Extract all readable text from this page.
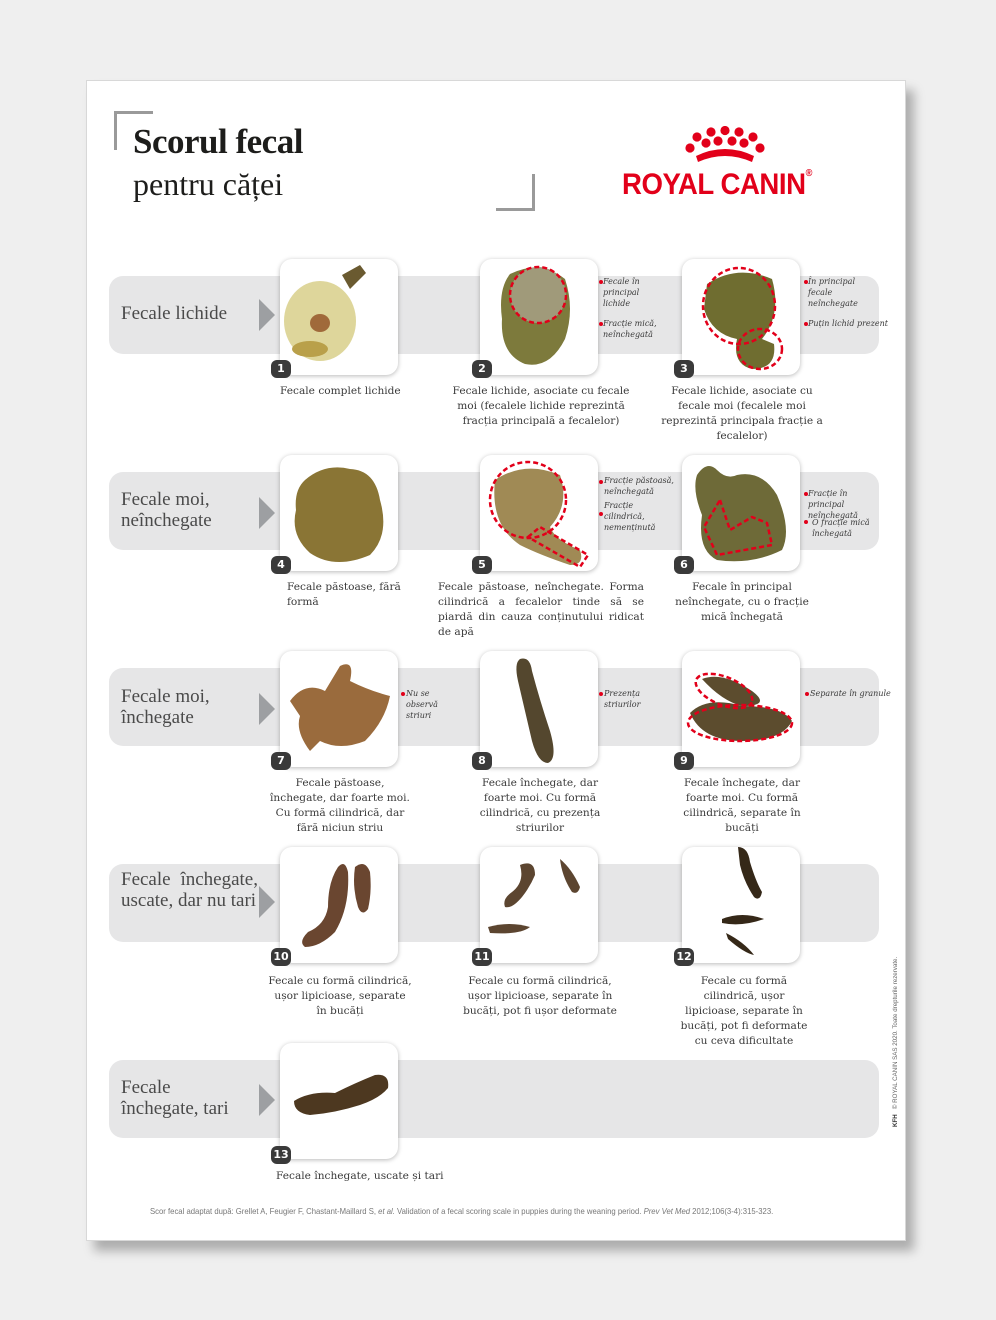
Scorul fecal
pentru căței	ROYAL CANIN®
Fecale lichide
Fecale moi, neînchegate
Fecale moi, închegate
Fecale închegate, uscate, dar nu tari
Fecale închegate, tari
1
Fecale complet lichide
2
Fecale lichide, asociate cu fecale moi (fecalele lichide reprezintă fracția principală a fecalelor)
Fecale în principal lichide
Fracție mică, neînchegată
3
Fecale lichide, asociate cu fecale moi (fecalele moi reprezintă principala fracție a fecalelor)
În principal fecale neînchegate
Puțin lichid prezent
4
Fecale păstoase, fără formă
5
Fecale păstoase, neînchegate. Forma cilindrică a fecalelor tinde să se piardă din cauza conținutului ridicat de apă
Fracție păstoasă, neînchegată
Fracție cilindrică, nemenținută
6
Fecale în principal neînchegate, cu o fracție mică închegată
Fracție în principal neînchegată
O fracție mică închegată
7
Fecale păstoase, închegate, dar foarte moi. Cu formă cilindrică, dar fără niciun striu
Nu se observă striuri
8
Fecale închegate, dar foarte moi. Cu formă cilindrică, cu prezența striurilor
Prezența striurilor
9
Fecale închegate, dar foarte moi. Cu formă cilindrică, separate în bucăți
Separate în granule
10
Fecale cu formă cilindrică, ușor lipicioase, separate în bucăți
11
Fecale cu formă cilindrică, ușor lipicioase, separate în bucăți, pot fi ușor deformate
12
Fecale cu formă cilindrică, ușor lipicioase, separate în bucăți, pot fi deformate cu ceva dificultate
13
Fecale închegate, uscate și tari
Scor fecal adaptat după: Grellet A, Feugier F, Chastant-Maillard S, et al. Validation of a fecal scoring scale in puppies during the weaning period. Prev Vet Med 2012;106(3-4):315-323.
KFH   © ROYAL CANIN SAS 2020. Toate drepturile rezervate.
